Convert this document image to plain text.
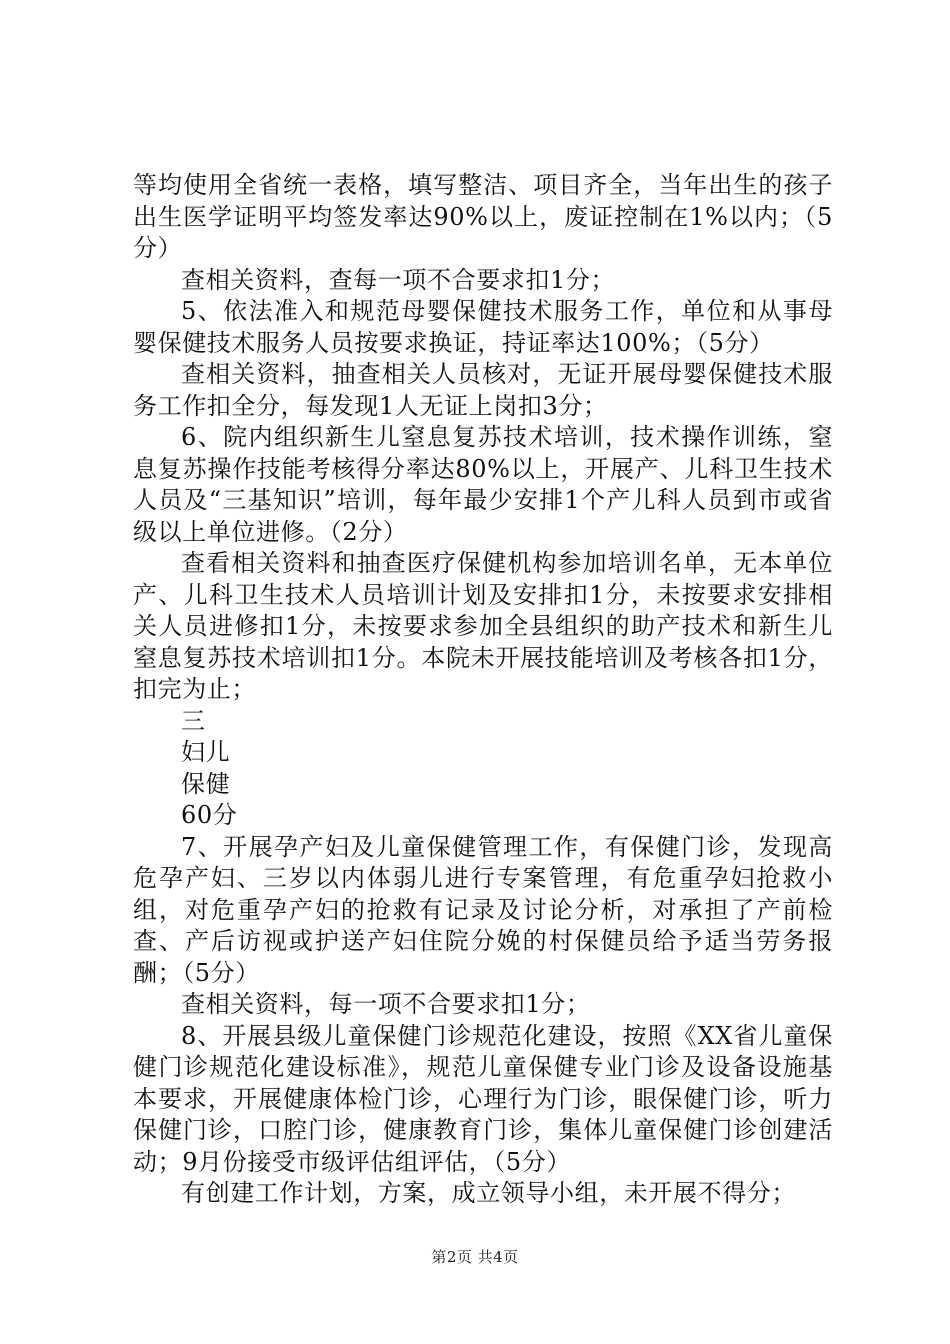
等均使用全省统一表格，填写整洁、项目齐全，当年出生的孩子出生医学证明平均签发率达90%以上，废证控制在1%以内；（5分）

查相关资料，查每一项不合要求扣1分；

5、依法准入和规范母婴保健技术服务工作，单位和从事母婴保健技术服务人员按要求换证，持证率达100%；（5分）

查相关资料，抽查相关人员核对，无证开展母婴保健技术服务工作扣全分，每发现1人无证上岗扣3分；

6、院内组织新生儿窒息复苏技术培训，技术操作训练，窒息复苏操作技能考核得分率达80%以上，开展产、儿科卫生技术人员及“三基知识”培训，每年最少安排1个产儿科人员到市或省级以上单位进修。（2分）

查看相关资料和抽查医疗保健机构参加培训名单，无本单位产、儿科卫生技术人员培训计划及安排扣1分，未按要求安排相关人员进修扣1分，未按要求参加全县组织的助产技术和新生儿窒息复苏技术培训扣1分。本院未开展技能培训及考核各扣1分，扣完为止；

三

妇儿

保健

60分

7、开展孕产妇及儿童保健管理工作，有保健门诊，发现高危孕产妇、三岁以内体弱儿进行专案管理，有危重孕妇抢救小组，对危重孕产妇的抢救有记录及讨论分析，对承担了产前检查、产后访视或护送产妇住院分娩的村保健员给予适当劳务报酬；（5分）

查相关资料，每一项不合要求扣1分；

8、开展县级儿童保健门诊规范化建设，按照《XX省儿童保健门诊规范化建设标准》，规范儿童保健专业门诊及设备设施基本要求，开展健康体检门诊，心理行为门诊，眼保健门诊，听力保健门诊，口腔门诊，健康教育门诊，集体儿童保健门诊创建活动；9月份接受市级评估组评估，（5分）

有创建工作计划，方案，成立领导小组，未开展不得分；

第2页 共4页
